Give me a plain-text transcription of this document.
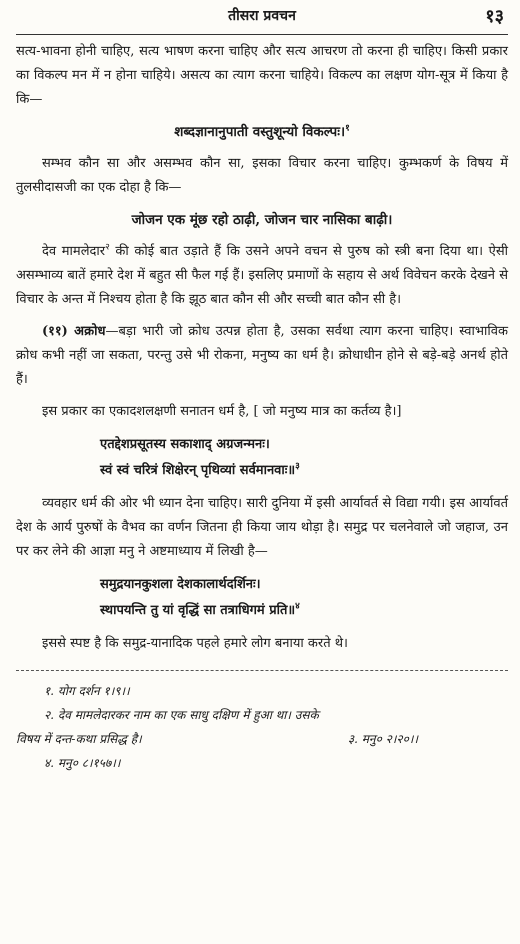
तीसरा प्रवचन	१३

सत्य-भावना होनी चाहिए, सत्य भाषण करना चाहिए और सत्य आचरण तो करना ही चाहिए। किसी प्रकार का विकल्प मन में न होना चाहिये। असत्य का त्याग करना चाहिये। विकल्प का लक्षण योग-सूत्र में किया है कि—

शब्दज्ञानानुपाती वस्तुशून्यो विकल्पः।$^१$

सम्भव कौन सा और असम्भव कौन सा, इसका विचार करना चाहिए। कुम्भकर्ण के विषय में तुलसीदासजी का एक दोहा है कि—

जोजन एक मूंछ रहो ठाढ़ी, जोजन चार नासिका बाढ़ी।

देव मामलेदार$^२$ की कोई बात उड़ाते हैं कि उसने अपने वचन से पुरुष को स्त्री बना दिया था। ऐसी असम्भाव्य बातें हमारे देश में बहुत सी फैल गई हैं। इसलिए प्रमाणों के सहाय से अर्थ विवेचन करके देखने से विचार के अन्त में निश्चय होता है कि झूठ बात कौन सी और सच्ची बात कौन सी है।

(११) अक्रोध—बड़ा भारी जो क्रोध उत्पन्न होता है, उसका सर्वथा त्याग करना चाहिए। स्वाभाविक क्रोध कभी नहीं जा सकता, परन्तु उसे भी रोकना, मनुष्य का धर्म है। क्रोधाधीन होने से बड़े-बड़े अनर्थ होते हैं।

इस प्रकार का एकादशलक्षणी सनातन धर्म है, [ जो मनुष्य मात्र का कर्तव्य है।]

एतद्देशप्रसूतस्य सकाशाद् अग्रजन्मनः।

स्वं स्वं चरित्रं शिक्षेरन् पृथिव्यां सर्वमानवाः॥$^३$

व्यवहार धर्म की ओर भी ध्यान देना चाहिए। सारी दुनिया में इसी आर्यावर्त से विद्या गयी। इस आर्यावर्त देश के आर्य पुरुषों के वैभव का वर्णन जितना ही किया जाय थोड़ा है। समुद्र पर चलनेवाले जो जहाज, उन पर कर लेने की आज्ञा मनु ने अष्टमाध्याय में लिखी है—

समुद्रयानकुशला देशकालार्थदर्शिनः।

स्थापयन्ति तु यां वृद्धिं सा तत्राधिगमं प्रति॥$^४$

इससे स्पष्ट है कि समुद्र-यानादिक पहले हमारे लोग बनाया करते थे।

१. योग दर्शन १।९।।
२. देव मामलेदारकर नाम का एक साधु दक्षिण में हुआ था। उसके
विषय में दन्त-कथा प्रसिद्ध है।	३. मनु० २।२०।।
४. मनु० ८।१५७।।
